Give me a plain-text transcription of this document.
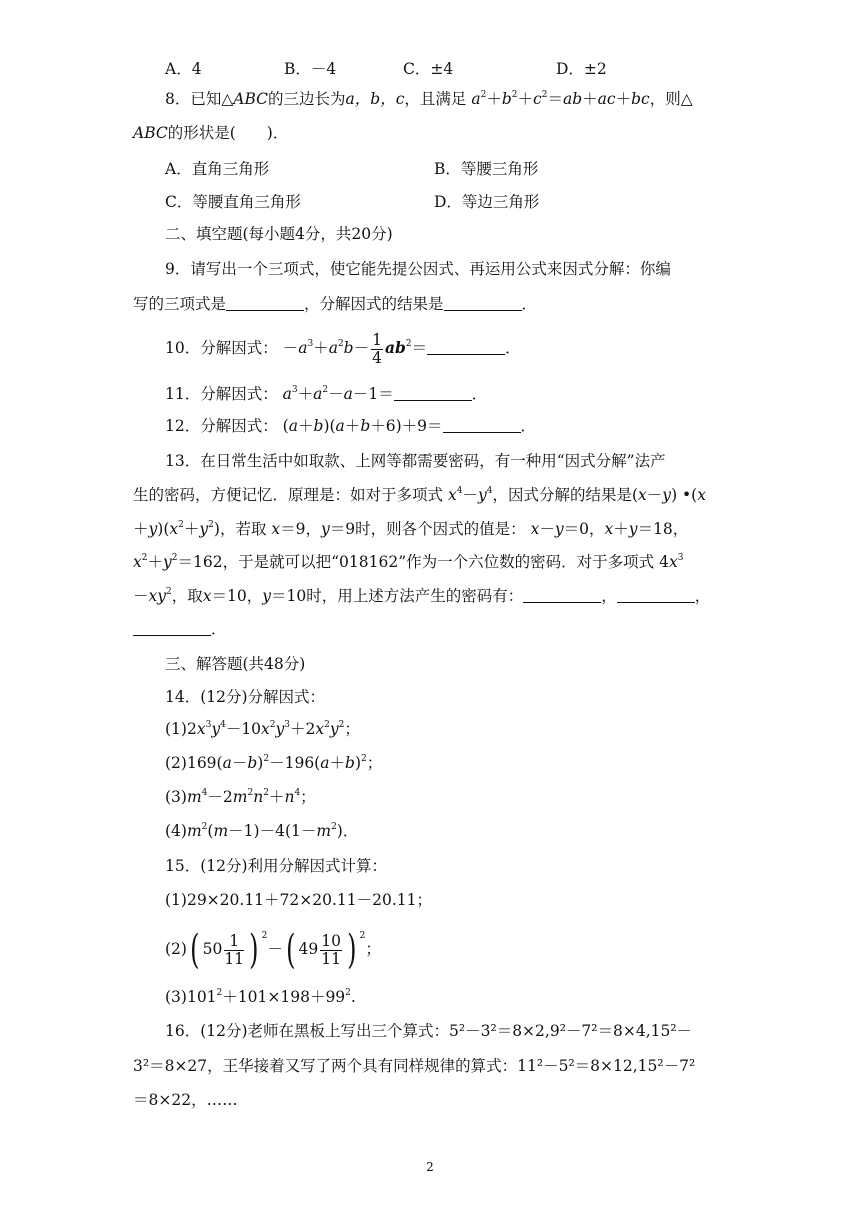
A．4	B．－4	C．±4	D．±2
8．已知△ABC的三边长为a，b，c，且满足 $a^2+b^2+c^2=ab+ac+bc$，则△
ABC的形状是(　　)．
A．直角三角形	B．等腰三角形
C．等腰直角三角形	D．等边三角形
二、填空题(每小题4分，共20分)
9．请写出一个三项式，使它能先提公因式、再运用公式来因式分解：你编
写的三项式是	，分解因式的结果是	．
10．分解因式： $-a^3+a^2b- \frac{1}{4} ab^2=$	．
11．分解因式： $a^3+a^2-a-1=$	．
12．分解因式： (a＋b)(a＋b＋6)＋9＝	．
13．在日常生活中如取款、上网等都需要密码，有一种用“因式分解”法产
生的密码，方便记忆．原理是：如对于多项式 $x^4-y^4$，因式分解的结果是(x－y) •(x
$+y)(x^2+y^2)$，若取 x＝9，y＝9时，则各个因式的值是： x－y＝0，x＋y＝18，
$x^2+y^2=162$，于是就可以把“018162”作为一个六位数的密码．对于多项式 $4x^3$
$-xy^2$，取x＝10，y＝10时，用上述方法产生的密码有：	，	，
．
三、解答题(共48分)
14．(12分)分解因式：
$(1)2x^3y^4-10x^2y^3+2x^2y^2$；
$(2)169(a-b)^2-196(a+b)^2$；
$(3)m^4-2m^2n^2+n^4$；
$(4)m^2(m-1)-4(1-m^2)$．
15．(12分)利用分解因式计算：
(1)29×20.11＋72×20.11－20.11；
(2)( $50 \frac{1}{11}$ ) $^2$－( $49 \frac{10}{11}$ ) $^2$；
$(3)101^2+101\times 198+99^2$.
16．(12分)老师在黑板上写出三个算式：5²－3²＝8×2,9²－7²＝8×4,15²－
3²＝8×27，王华接着又写了两个具有同样规律的算式：11²－5²＝8×12,15²－7²
＝8×22，……
2
